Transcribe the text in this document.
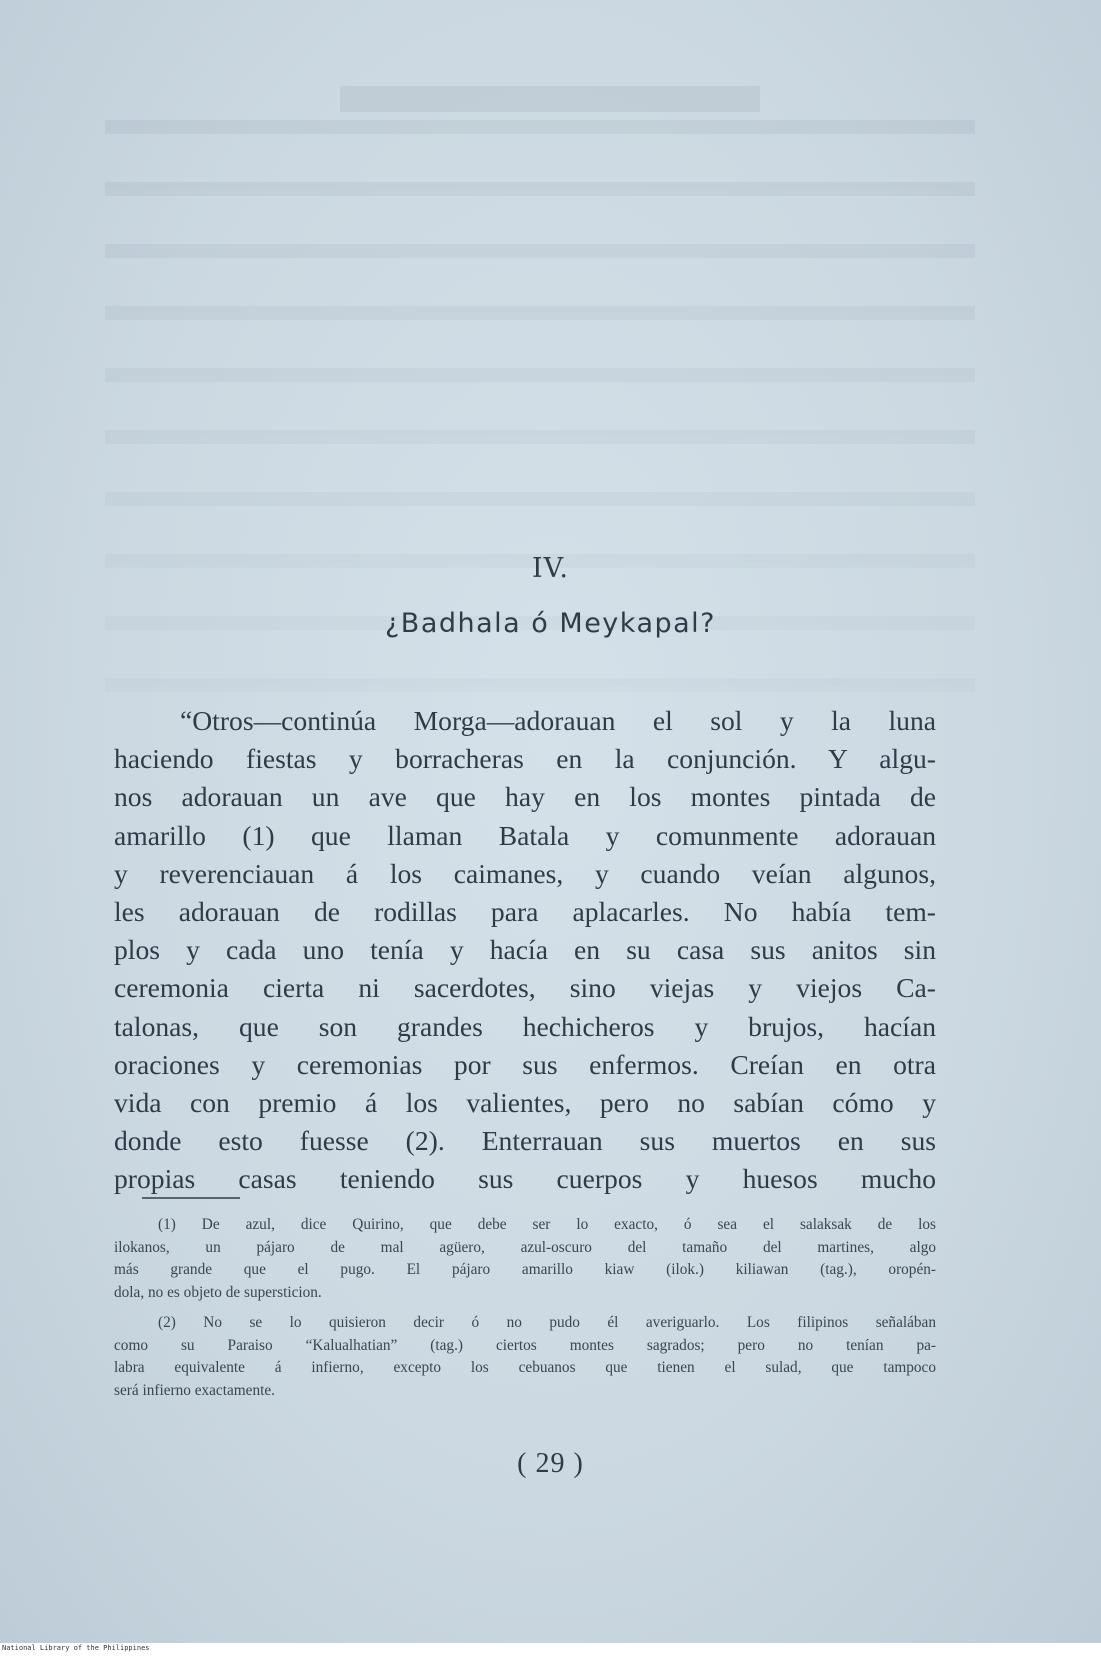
IV.
¿Badhala ó Meykapal?
“Otros—continúa Morga—adorauan el sol y la luna
haciendo fiestas y borracheras en la conjunción. Y algu-
nos adorauan un ave que hay en los montes pintada de
amarillo (1) que llaman Batala y comunmente adorauan
y reverenciauan á los caimanes, y cuando veían algunos,
les adorauan de rodillas para aplacarles. No había tem-
plos y cada uno tenía y hacía en su casa sus anitos sin
ceremonia cierta ni sacerdotes, sino viejas y viejos Ca-
talonas, que son grandes hechicheros y brujos, hacían
oraciones y ceremonias por sus enfermos. Creían en otra
vida con premio á los valientes, pero no sabían cómo y
donde esto fuesse (2). Enterrauan sus muertos en sus
propias casas teniendo sus cuerpos y huesos mucho
(1) De azul, dice Quirino, que debe ser lo exacto, ó sea el salaksak de los
ilokanos, un pájaro de mal agüero, azul-oscuro del tamaño del martines, algo
más grande que el pugo. El pájaro amarillo kiaw (ilok.) kiliawan (tag.), oropén-
dola, no es objeto de supersticion.
(2) No se lo quisieron decir ó no pudo él averiguarlo. Los filipinos señalában
como su Paraiso “Kalualhatian” (tag.) ciertos montes sagrados; pero no tenían pa-
labra equivalente á infierno, excepto los cebuanos que tienen el sulad, que tampoco
será infierno exactamente.
( 29 )
National Library of the Philippines
